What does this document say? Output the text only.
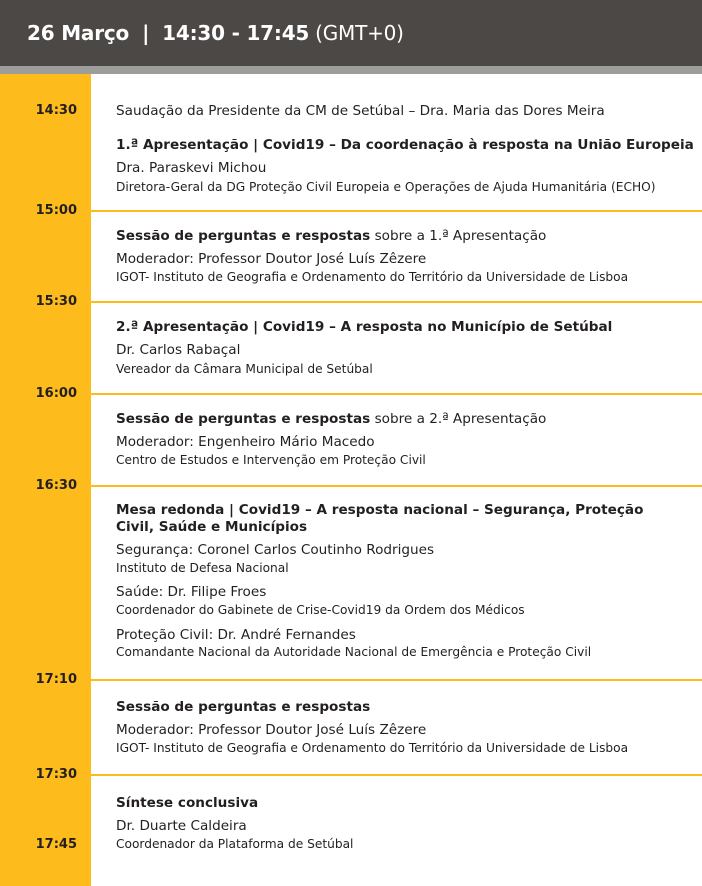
26 Março | 14:30 - 17:45 (GMT+0)
14:30
15:00
15:30
16:00
16:30
17:10
17:30
17:45
Saudação da Presidente da CM de Setúbal – Dra. Maria das Dores Meira
1.ª Apresentação | Covid19 – Da coordenação à resposta na União Europeia
Dra. Paraskevi Michou
Diretora-Geral da DG Proteção Civil Europeia e Operações de Ajuda Humanitária (ECHO)
Sessão de perguntas e respostas sobre a 1.ª Apresentação
Moderador: Professor Doutor José Luís Zêzere
IGOT- Instituto de Geografia e Ordenamento do Território da Universidade de Lisboa
2.ª Apresentação | Covid19 – A resposta no Município de Setúbal
Dr. Carlos Rabaçal
Vereador da Câmara Municipal de Setúbal
Sessão de perguntas e respostas sobre a 2.ª Apresentação
Moderador: Engenheiro Mário Macedo
Centro de Estudos e Intervenção em Proteção Civil
Mesa redonda | Covid19 – A resposta nacional – Segurança, Proteção Civil, Saúde e Municípios
Segurança: Coronel Carlos Coutinho Rodrigues
Instituto de Defesa Nacional
Saúde: Dr. Filipe Froes
Coordenador do Gabinete de Crise-Covid19 da Ordem dos Médicos
Proteção Civil: Dr. André Fernandes
Comandante Nacional da Autoridade Nacional de Emergência e Proteção Civil
Sessão de perguntas e respostas
Moderador: Professor Doutor José Luís Zêzere
IGOT- Instituto de Geografia e Ordenamento do Território da Universidade de Lisboa
Síntese conclusiva
Dr. Duarte Caldeira
Coordenador da Plataforma de Setúbal
